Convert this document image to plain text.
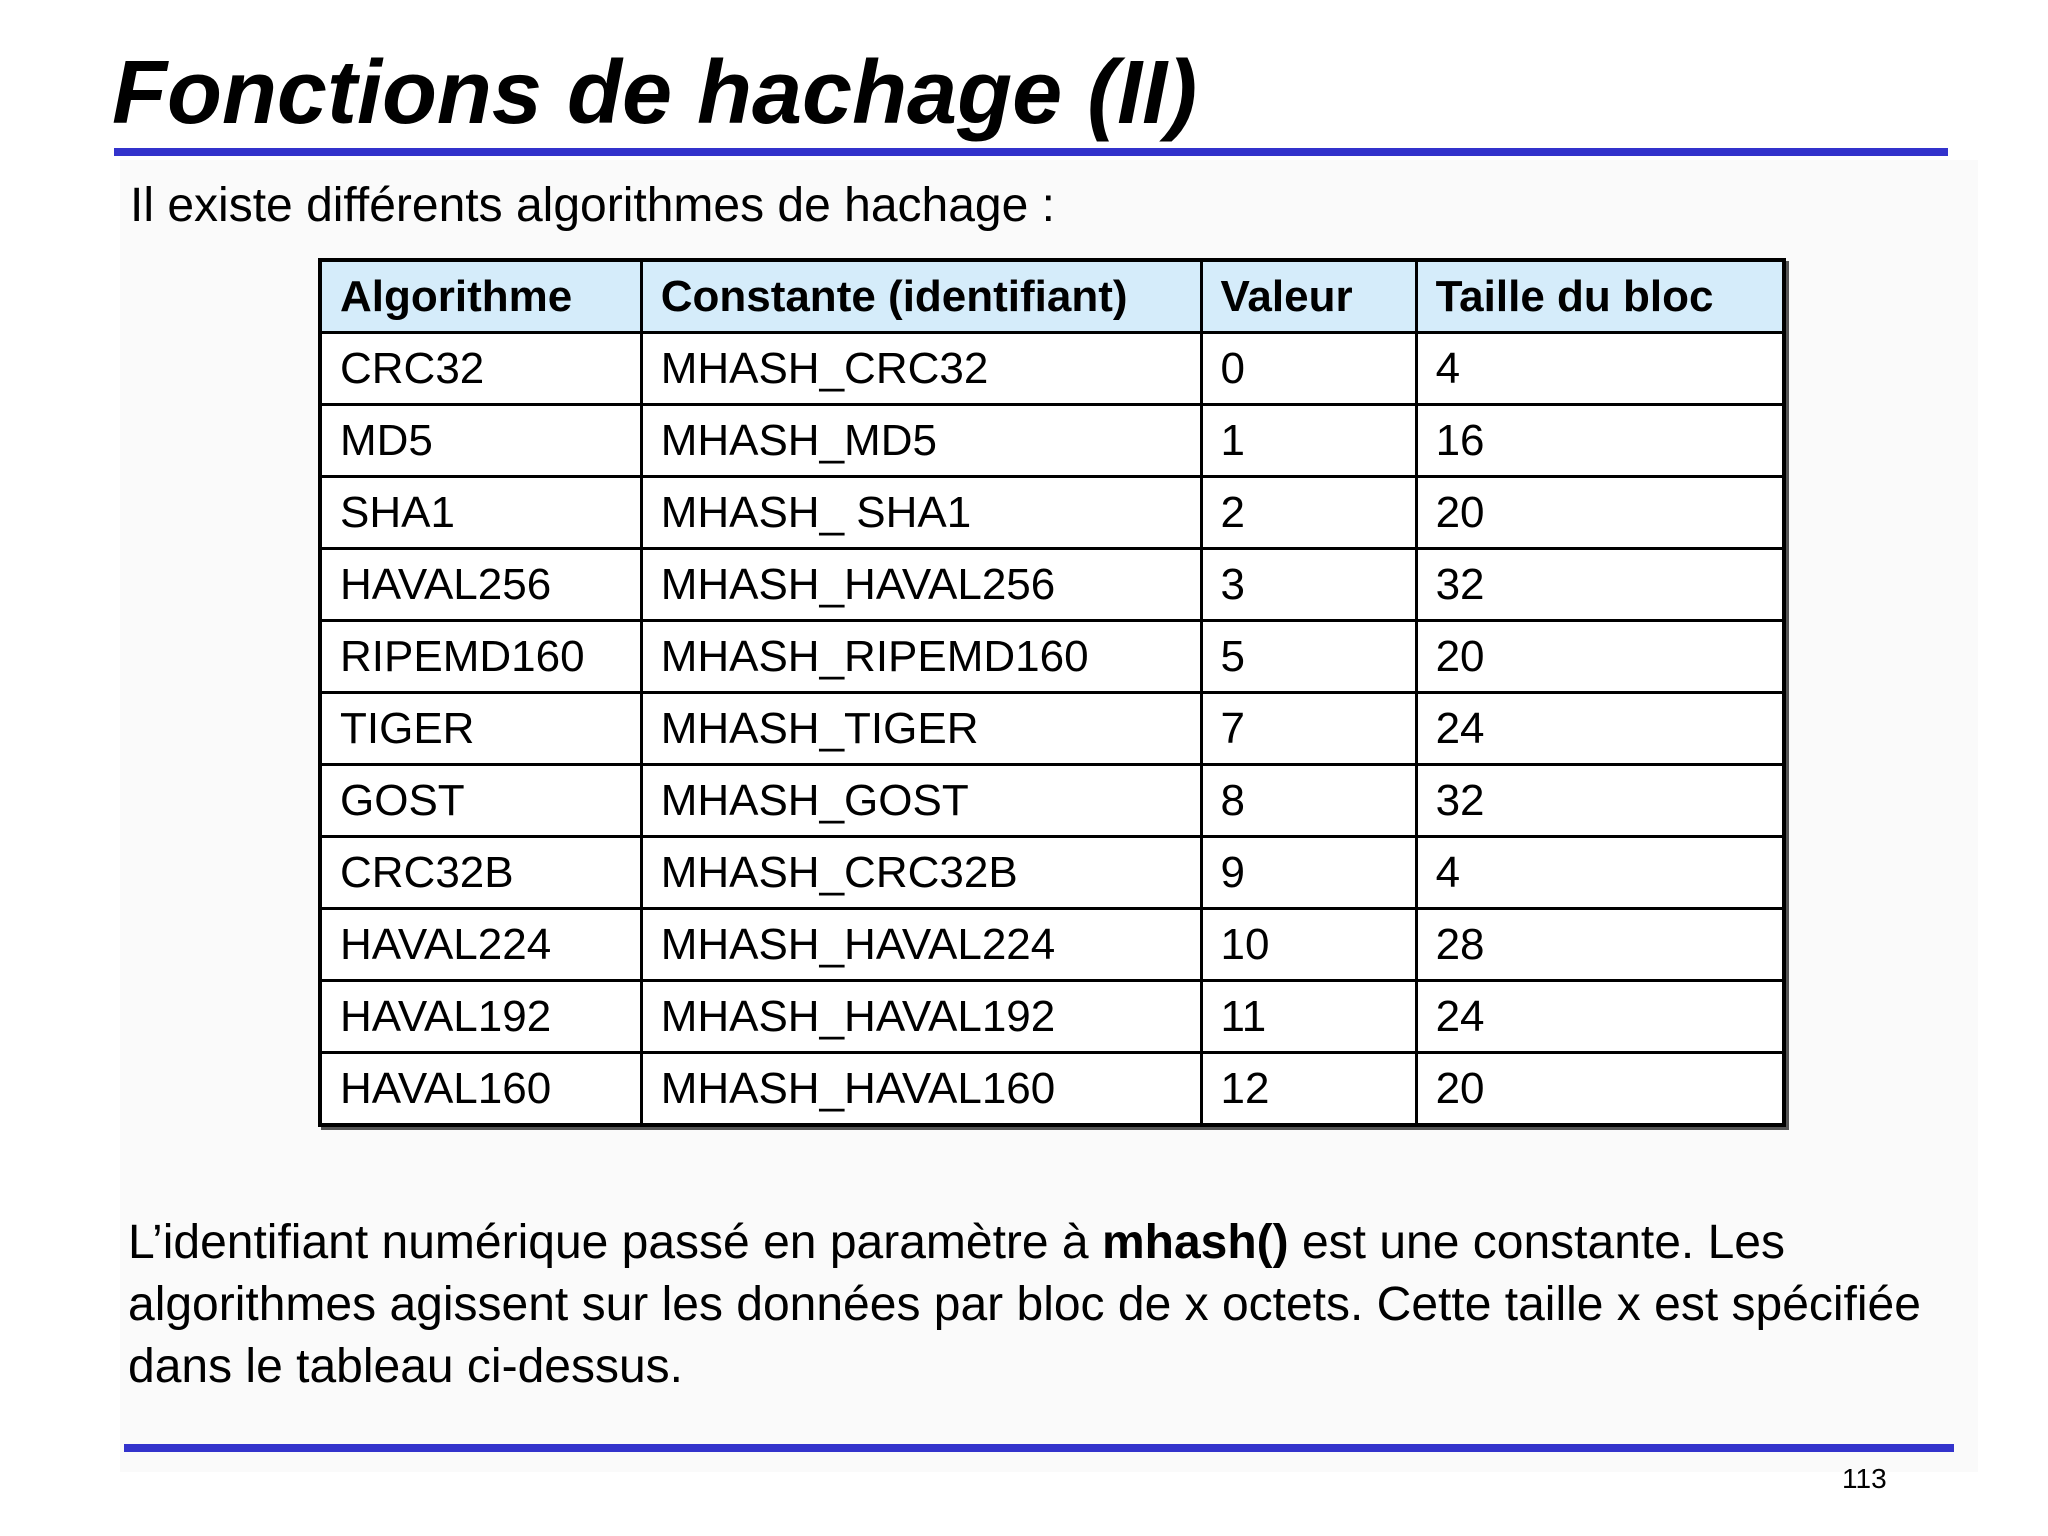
Fonctions de hachage (II)

Il existe différents algorithmes de hachage :

Algorithme	Constante (identifiant)	Valeur	Taille du bloc
CRC32	MHASH_CRC32	0	4
MD5	MHASH_MD5	1	16
SHA1	MHASH_ SHA1	2	20
HAVAL256	MHASH_HAVAL256	3	32
RIPEMD160	MHASH_RIPEMD160	5	20
TIGER	MHASH_TIGER	7	24
GOST	MHASH_GOST	8	32
CRC32B	MHASH_CRC32B	9	4
HAVAL224	MHASH_HAVAL224	10	28
HAVAL192	MHASH_HAVAL192	11	24
HAVAL160	MHASH_HAVAL160	12	20

L’identifiant numérique passé en paramètre à mhash() est une constante. Les algorithmes agissent sur les données par bloc de x octets. Cette taille x est spécifiée dans le tableau ci-dessus.

113
